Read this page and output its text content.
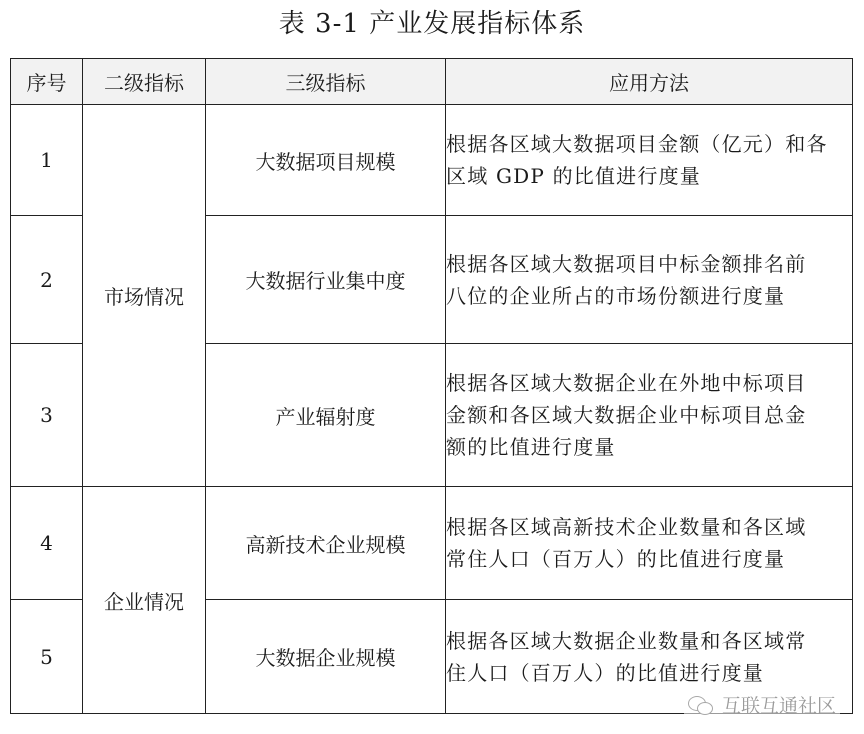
表 3-1 产业发展指标体系
序号	二级指标	三级指标	应用方法
1	市场情况	大数据项目规模	根据各区域大数据项目金额（亿元）和各
区域 GDP 的比值进行度量

2		大数据行业集中度	根据各区域大数据项目中标金额排名前
八位的企业所占的市场份额进行度量

3		产业辐射度	根据各区域大数据企业在外地中标项目
金额和各区域大数据企业中标项目总金
额的比值进行度量

4	企业情况	高新技术企业规模	根据各区域高新技术企业数量和各区域
常住人口（百万人）的比值进行度量

5		大数据企业规模	根据各区域大数据企业数量和各区域常
住人口（百万人）的比值进行度量
互联互通社区
